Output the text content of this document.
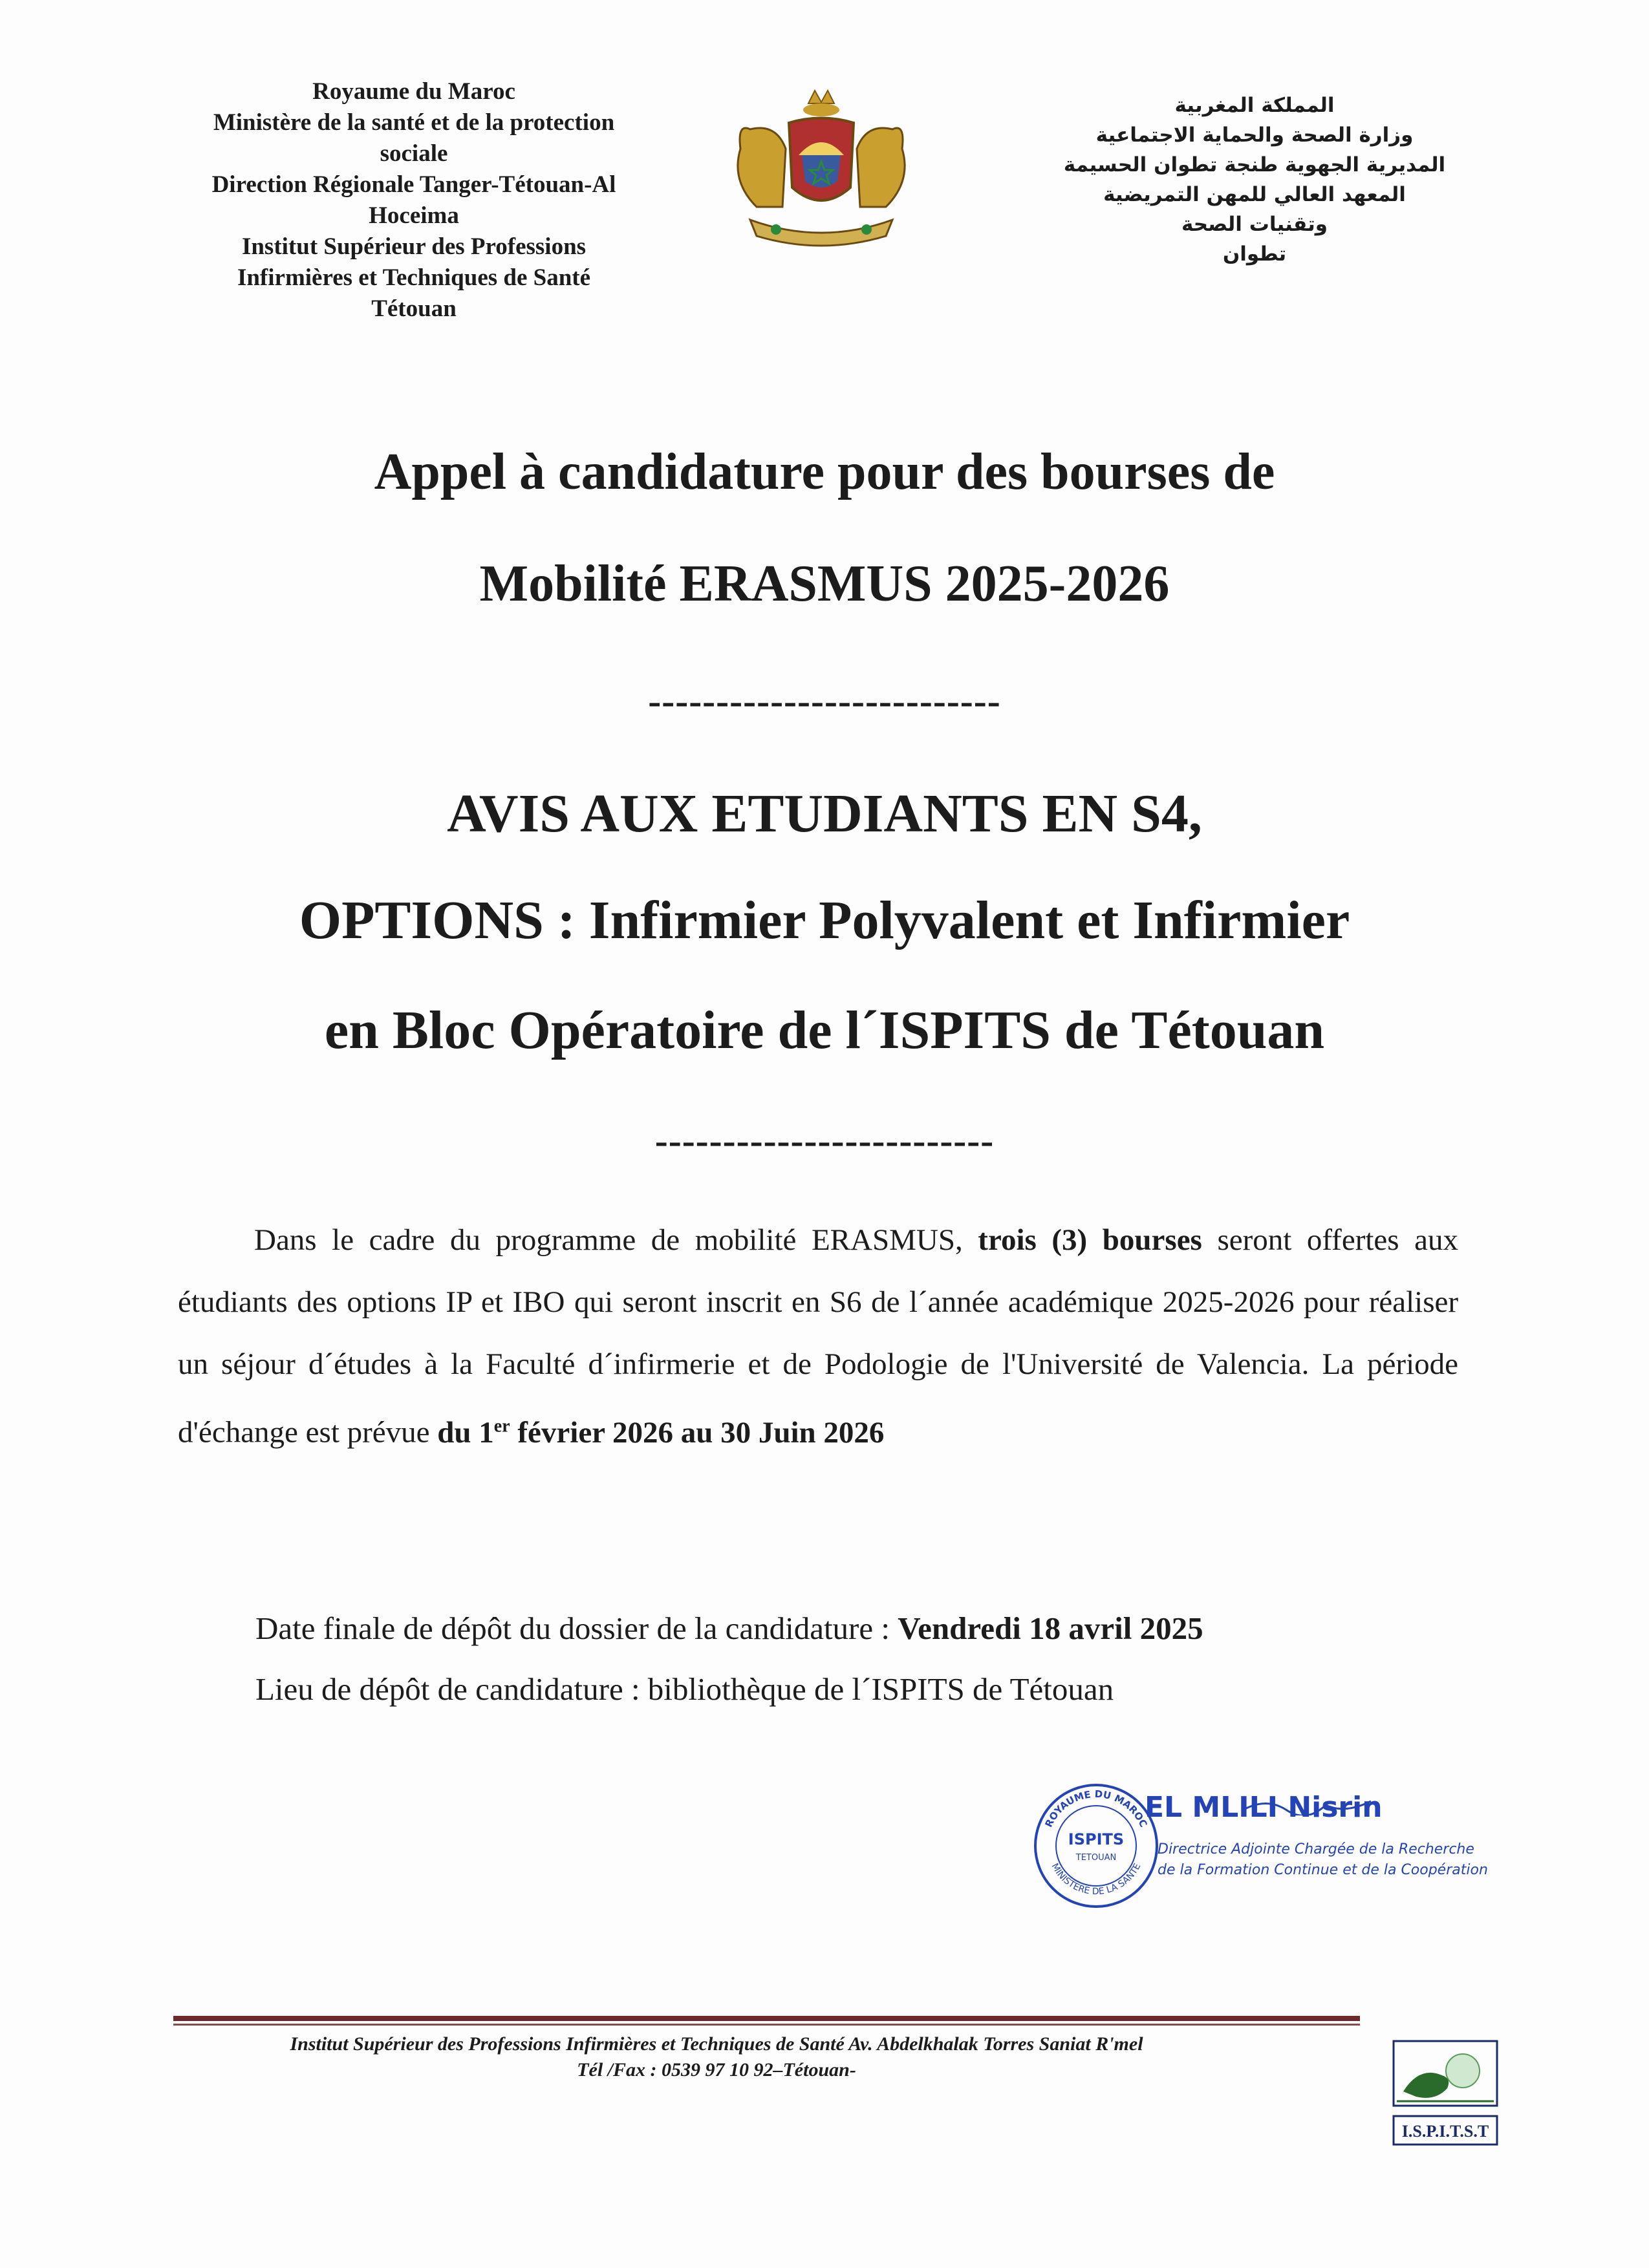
Royaume du Maroc
Ministère de la santé et de la protection
sociale
Direction Régionale Tanger-Tétouan-Al
Hoceima
Institut Supérieur des Professions
Infirmières et Techniques de Santé
Tétouan
المملكة المغربية
وزارة الصحة والحماية الاجتماعية
المديرية الجهوية طنجة تطوان الحسيمة
المعهد العالي للمهن التمريضية
وتقنيات الصحة
تطوان
Appel à candidature pour des bourses de
Mobilité ERASMUS 2025-2026
--------------------------
AVIS AUX ETUDIANTS EN S4,
OPTIONS : Infirmier Polyvalent et Infirmier
en Bloc Opératoire de l´ISPITS de Tétouan
-------------------------

Dans le cadre du programme de mobilité ERASMUS, trois (3) bourses seront offertes aux étudiants des options IP et IBO qui seront inscrit en S6 de l´année académique 2025-2026 pour réaliser un séjour d´études à la Faculté d´infirmerie et de Podologie de l'Université de Valencia. La période d'échange est prévue du 1er février 2026 au 30 Juin 2026

Date finale de dépôt du dossier de la candidature : Vendredi 18 avril 2025
Lieu de dépôt de candidature : bibliothèque de l´ISPITS de Tétouan
ROYAUME DU MAROC
MINISTERE DE LA SANTE
ISPITS
TETOUAN
EL MLILI Nisrin
Directrice Adjointe Chargée de la Recherche
de la Formation Continue et de la Coopération
Institut Supérieur des Professions Infirmières et Techniques de Santé Av. Abdelkhalak Torres Saniat R'mel
Tél /Fax : 0539 97 10 92–Tétouan-
I.S.P.I.T.S.T
